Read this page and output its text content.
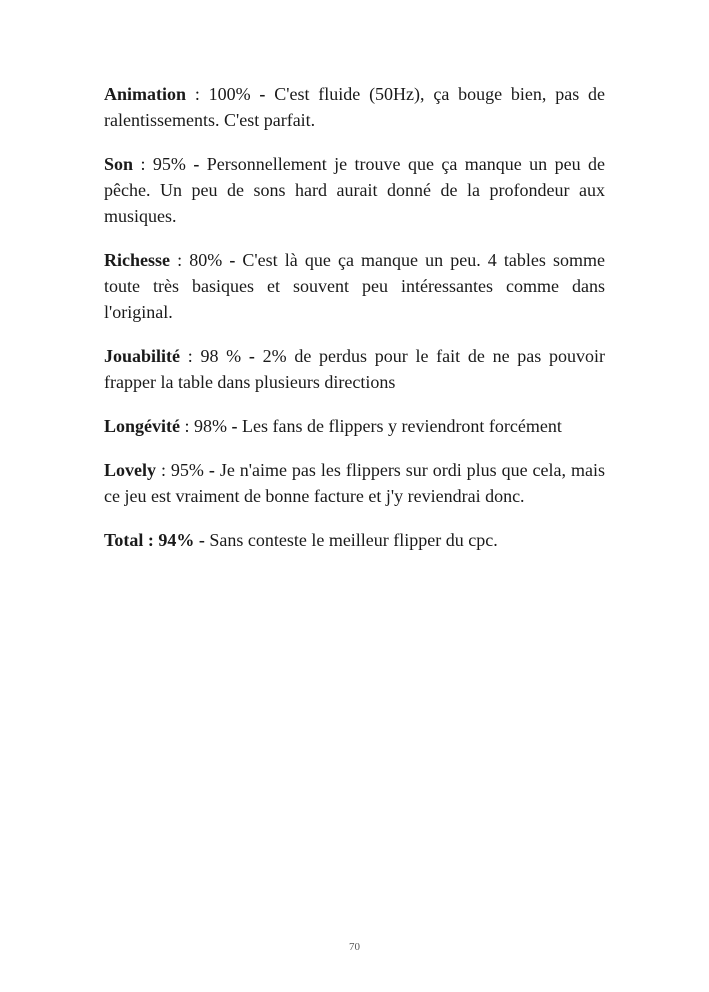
Animation : 100% - C'est fluide (50Hz), ça bouge bien, pas de ralentissements. C'est parfait.

Son : 95% - Personnellement je trouve que ça manque un peu de pêche. Un peu de sons hard aurait donné de la profondeur aux musiques.

Richesse : 80% - C'est là que ça manque un peu. 4 tables somme toute très basiques et souvent peu intéressantes comme dans l'original.

Jouabilité : 98 % - 2% de perdus pour le fait de ne pas pouvoir frapper la table dans plusieurs directions

Longévité : 98% - Les fans de flippers y reviendront forcément

Lovely : 95% - Je n'aime pas les flippers sur ordi plus que cela, mais ce jeu est vraiment de bonne facture et j'y reviendrai donc.

Total : 94% - Sans conteste le meilleur flipper du cpc.

70
